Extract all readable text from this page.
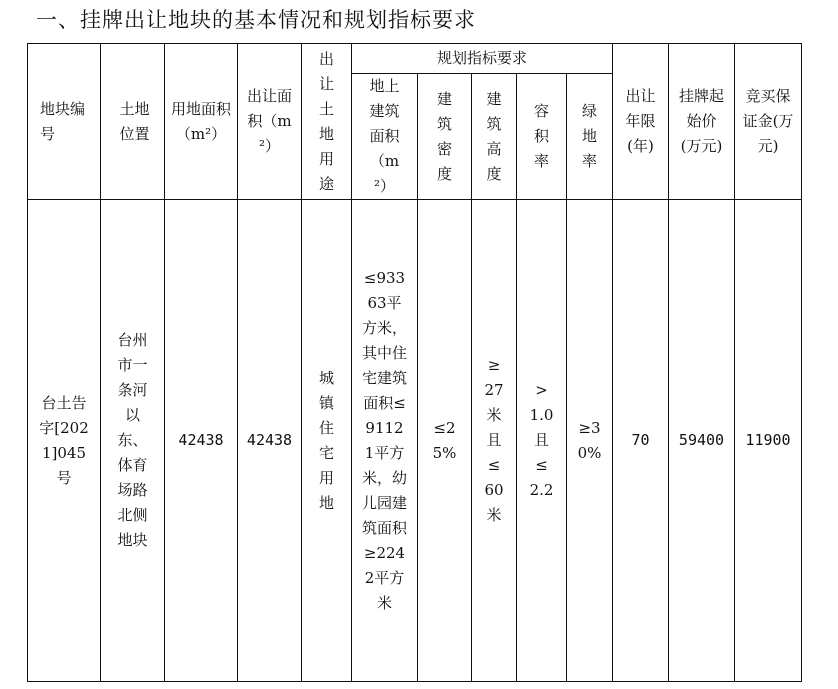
一、挂牌出让地块的基本情况和规划指标要求
地块编号	土地位置	用地面积（m²）	出让面积（m²）	出让土地用途	规划指标要求					出让年限(年)	挂牌起始价(万元)	竞买保证金(万元)
					地上建筑面积（m²）	建筑密度	建筑高度	容积率	绿地率			
台土告字[2021]045号	台州市一条河以东、体育场路北侧地块	42438	42438	城镇住宅用地	≤93363平方米，其中住宅建筑面积≤91121平方米，幼儿园建筑面积≥2242平方米	≤25%	≥27米且≤60米	>1.0且≤2.2	≥30%	70	59400	11900
